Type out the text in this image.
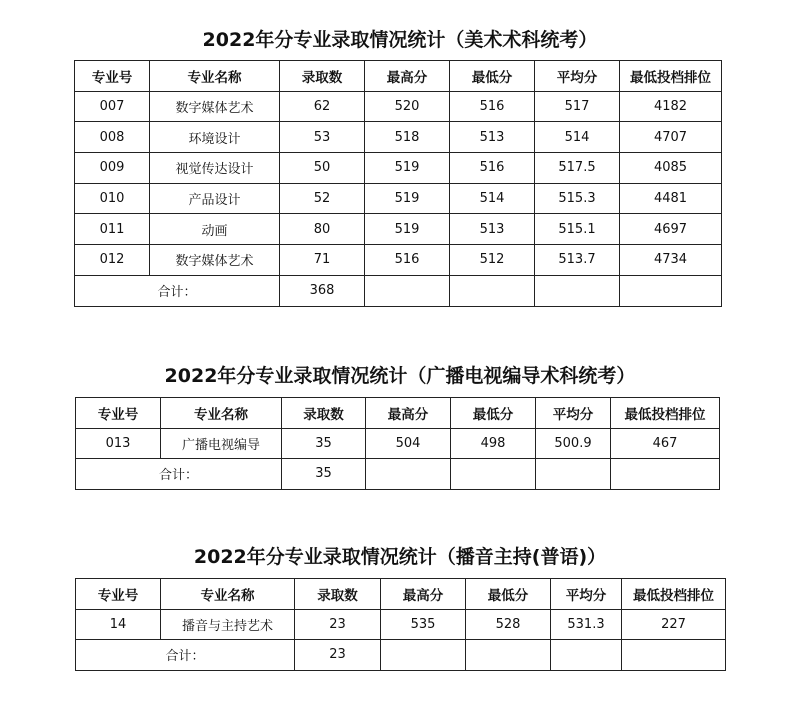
2022年分专业录取情况统计（美术术科统考）
专业号	专业名称	录取数	最高分	最低分	平均分	最低投档排位
007	数字媒体艺术	62	520	516	517	4182
008	环境设计	53	518	513	514	4707
009	视觉传达设计	50	519	516	517.5	4085
010	产品设计	52	519	514	515.3	4481
011	动画	80	519	513	515.1	4697
012	数字媒体艺术	71	516	512	513.7	4734
合计：		368				
2022年分专业录取情况统计（广播电视编导术科统考）
专业号	专业名称	录取数	最高分	最低分	平均分	最低投档排位
013	广播电视编导	35	504	498	500.9	467
合计：		35				
2022年分专业录取情况统计（播音主持(普语)）
专业号	专业名称	录取数	最高分	最低分	平均分	最低投档排位
14	播音与主持艺术	23	535	528	531.3	227
合计：		23				
